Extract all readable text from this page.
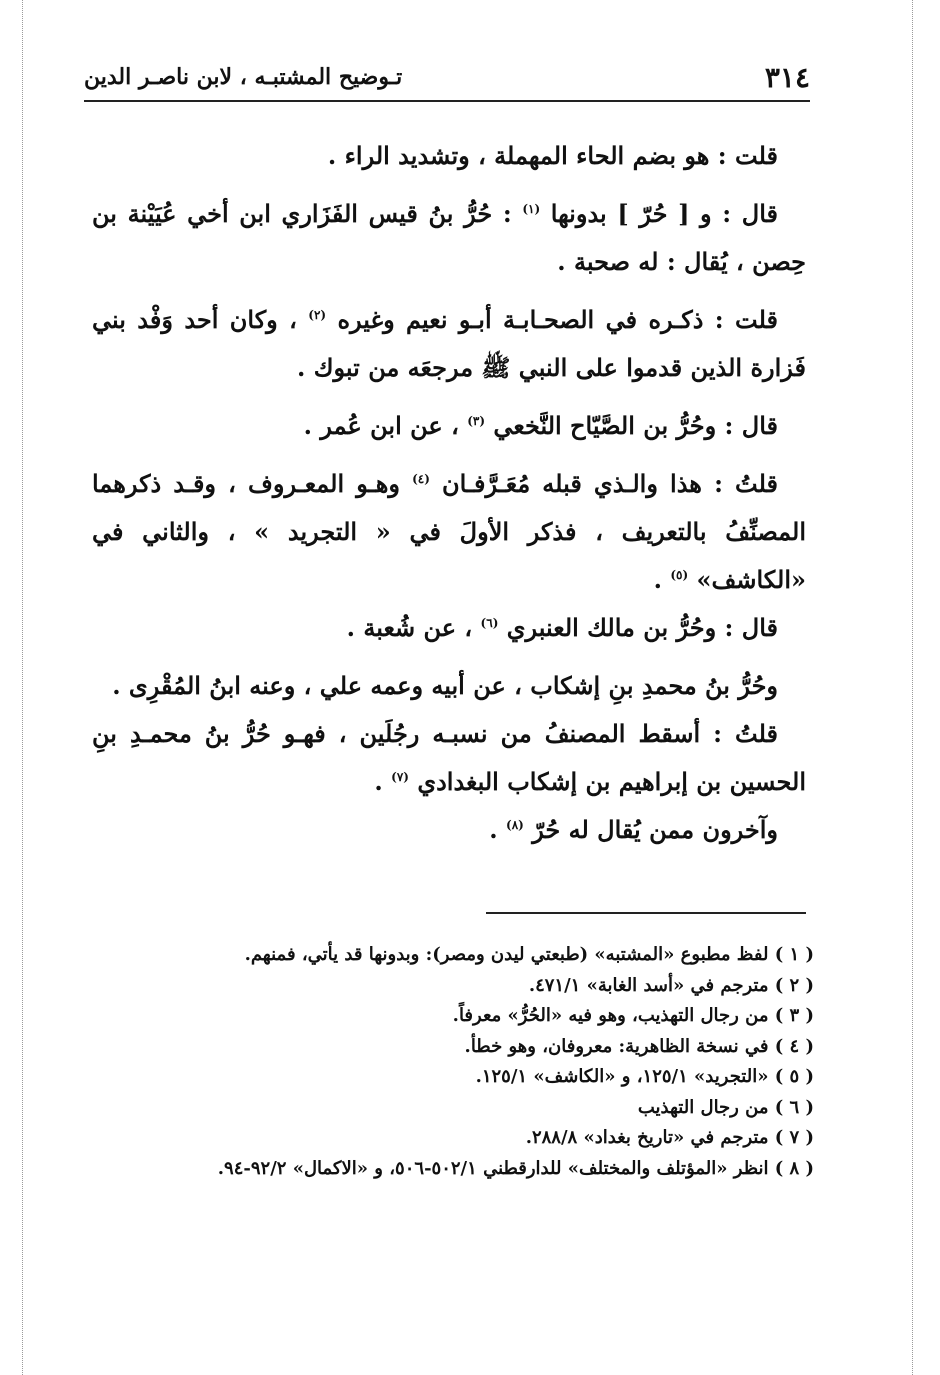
٣١٤
تـوضيح المشتبـه ، لابن ناصـر الدين

قلت : هو بضم الحاء المهملة ، وتشديد الراء .

قال : و [ حُرّ ] بدونها $^{(١)}$ : حُرُّ بنُ قيس الفَزَاري ابن أخي عُيَيْنة بن حِصن ، يُقال : له صحبة .

قلت : ذكـره في الصحـابـة أبـو نعيم وغيره $^{(٢)}$ ، وكان أحد وَفْد بني فَزارة الذين قدموا على النبي ﷺ مرجعَه من تبوك .

قال : وحُرُّ بن الصَّيّاح النَّخعي $^{(٣)}$ ، عن ابن عُمر .

قلتُ : هذا والـذي قبله مُعَـرَّفـان $^{(٤)}$ وهـو المعـروف ، وقـد ذكرهما المصنِّفُ بالتعريف ، فذكر الأولَ في « التجريد » ، والثاني في «الكاشف» $^{(٥)}$ .

قال : وحُرُّ بن مالك العنبري $^{(٦)}$ ، عن شُعبة .

وحُرُّ بنُ محمدِ بنِ إشكاب ، عن أبيه وعمه علي ، وعنه ابنُ المُقْرِى .

قلتُ : أسقط المصنفُ من نسبـه رجُلَين ، فهـو حُرُّ بنُ محمـدِ بنِ الحسين بن إبراهيم بن إشكاب البغدادي $^{(٧)}$ .

وآخرون ممن يُقال له حُرّ $^{(٨)}$ .

( ١ ) لفظ مطبوع «المشتبه» (طبعتي ليدن ومصر): وبدونها قد يأتي، فمنهم.
( ٢ ) مترجم في «أسد الغابة» ٤٧١/١.
( ٣ ) من رجال التهذيب، وهو فيه «الحُرُّ» معرفاً.
( ٤ ) في نسخة الظاهرية: معروفان، وهو خطأ.
( ٥ ) «التجريد» ١٢٥/١، و «الكاشف» ١٢٥/١.
( ٦ ) من رجال التهذيب
( ٧ ) مترجم في «تاريخ بغداد» ٢٨٨/٨.
( ٨ ) انظر «المؤتلف والمختلف» للدارقطني ٥٠٢/١-٥٠٦، و «الاكمال» ٩٢/٢-٩٤.
